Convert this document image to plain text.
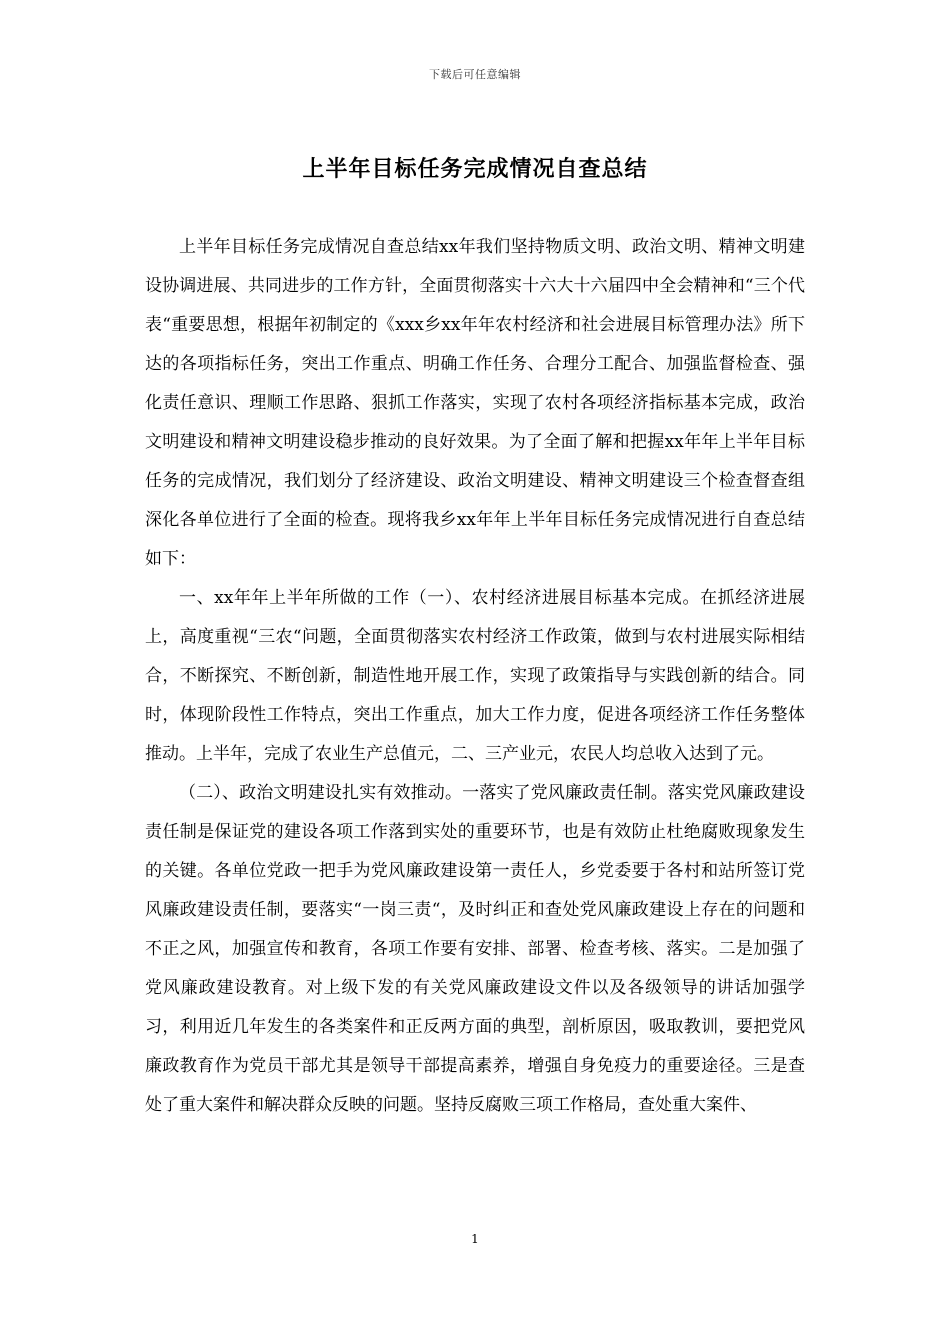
下载后可任意编辑
上半年目标任务完成情况自查总结

上半年目标任务完成情况自查总结xx年我们坚持物质文明、政治文明、精神文明建设协调进展、共同进步的工作方针，全面贯彻落实十六大十六届四中全会精神和“三个代表“重要思想，根据年初制定的《xxx乡xx年年农村经济和社会进展目标管理办法》所下达的各项指标任务，突出工作重点、明确工作任务、合理分工配合、加强监督检查、强化责任意识、理顺工作思路、狠抓工作落实，实现了农村各项经济指标基本完成，政治文明建设和精神文明建设稳步推动的良好效果。为了全面了解和把握xx年年上半年目标任务的完成情况，我们划分了经济建设、政治文明建设、精神文明建设三个检查督查组深化各单位进行了全面的检查。现将我乡xx年年上半年目标任务完成情况进行自查总结如下：

一、xx年年上半年所做的工作（一）、农村经济进展目标基本完成。在抓经济进展上，高度重视“三农“问题，全面贯彻落实农村经济工作政策，做到与农村进展实际相结合，不断探究、不断创新，制造性地开展工作，实现了政策指导与实践创新的结合。同时，体现阶段性工作特点，突出工作重点，加大工作力度，促进各项经济工作任务整体推动。上半年，完成了农业生产总值元，二、三产业元，农民人均总收入达到了元。

（二）、政治文明建设扎实有效推动。一落实了党风廉政责任制。落实党风廉政建设责任制是保证党的建设各项工作落到实处的重要环节，也是有效防止杜绝腐败现象发生的关键。各单位党政一把手为党风廉政建设第一责任人，乡党委要于各村和站所签订党风廉政建设责任制，要落实“一岗三责“，及时纠正和查处党风廉政建设上存在的问题和不正之风，加强宣传和教育，各项工作要有安排、部署、检查考核、落实。二是加强了党风廉政建设教育。对上级下发的有关党风廉政建设文件以及各级领导的讲话加强学习，利用近几年发生的各类案件和正反两方面的典型，剖析原因，吸取教训，要把党风廉政教育作为党员干部尤其是领导干部提高素养，增强自身免疫力的重要途径。三是查处了重大案件和解决群众反映的问题。坚持反腐败三项工作格局，查处重大案件、

1
